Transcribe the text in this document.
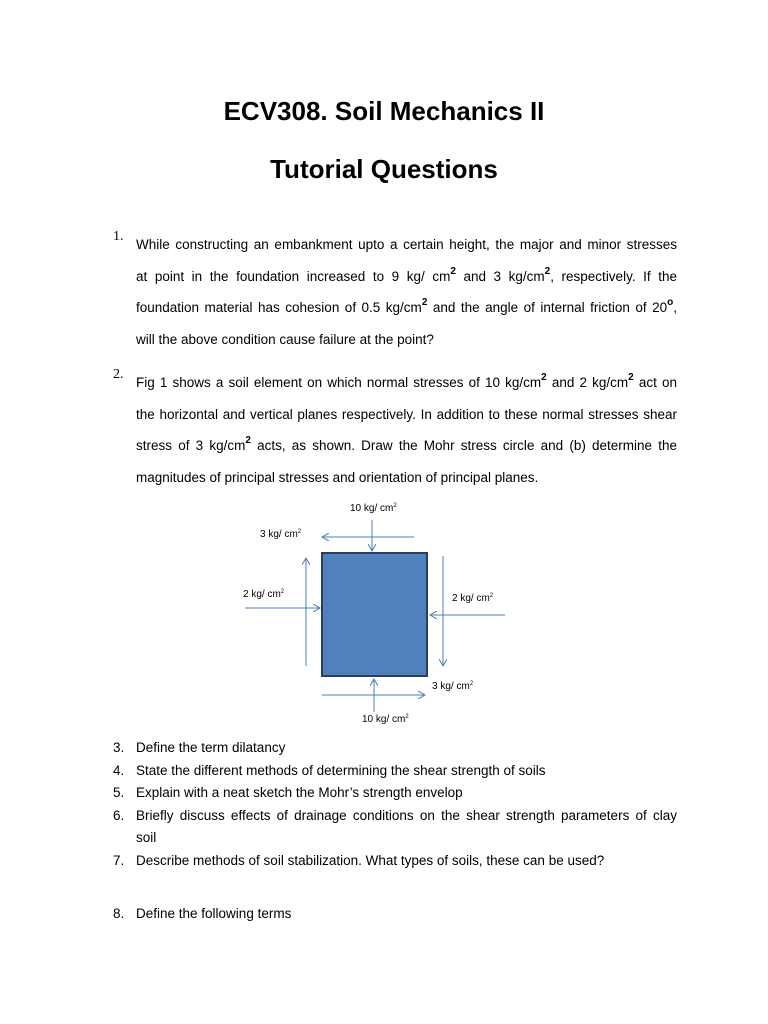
ECV308. Soil Mechanics II
Tutorial Questions
1.
While constructing an embankment upto a certain height, the major and minor stresses
at point in the foundation increased to 9 kg/ $cm^2$ and 3 $kg/cm^2$, respectively. If the
foundation material has cohesion of 0.5 $kg/cm^2$ and the angle of internal friction of 20$^o$,
will the above condition cause failure at the point?
2.
Fig 1 shows a soil element on which normal stresses of 10 $kg/cm^2$ and 2 $kg/cm^2$ act on
the horizontal and vertical planes respectively. In addition to these normal stresses shear
stress of 3 $kg/cm^2$ acts, as shown. Draw the Mohr stress circle and (b) determine the
magnitudes of principal stresses and orientation of principal planes.
10 kg/ $cm^2$
3 kg/ $cm^2$
2 kg/ $cm^2$
2 kg/ $cm^2$
3 kg/ $cm^2$
10 kg/ $cm^2$
3. Define the term dilatancy
4. State the different methods of determining the shear strength of soils
5. Explain with a neat sketch the Mohr’s strength envelop
6. Briefly discuss effects of drainage conditions on the shear strength parameters of clay
soil
7. Describe methods of soil stabilization. What types of soils, these can be used?
8. Define the following terms
